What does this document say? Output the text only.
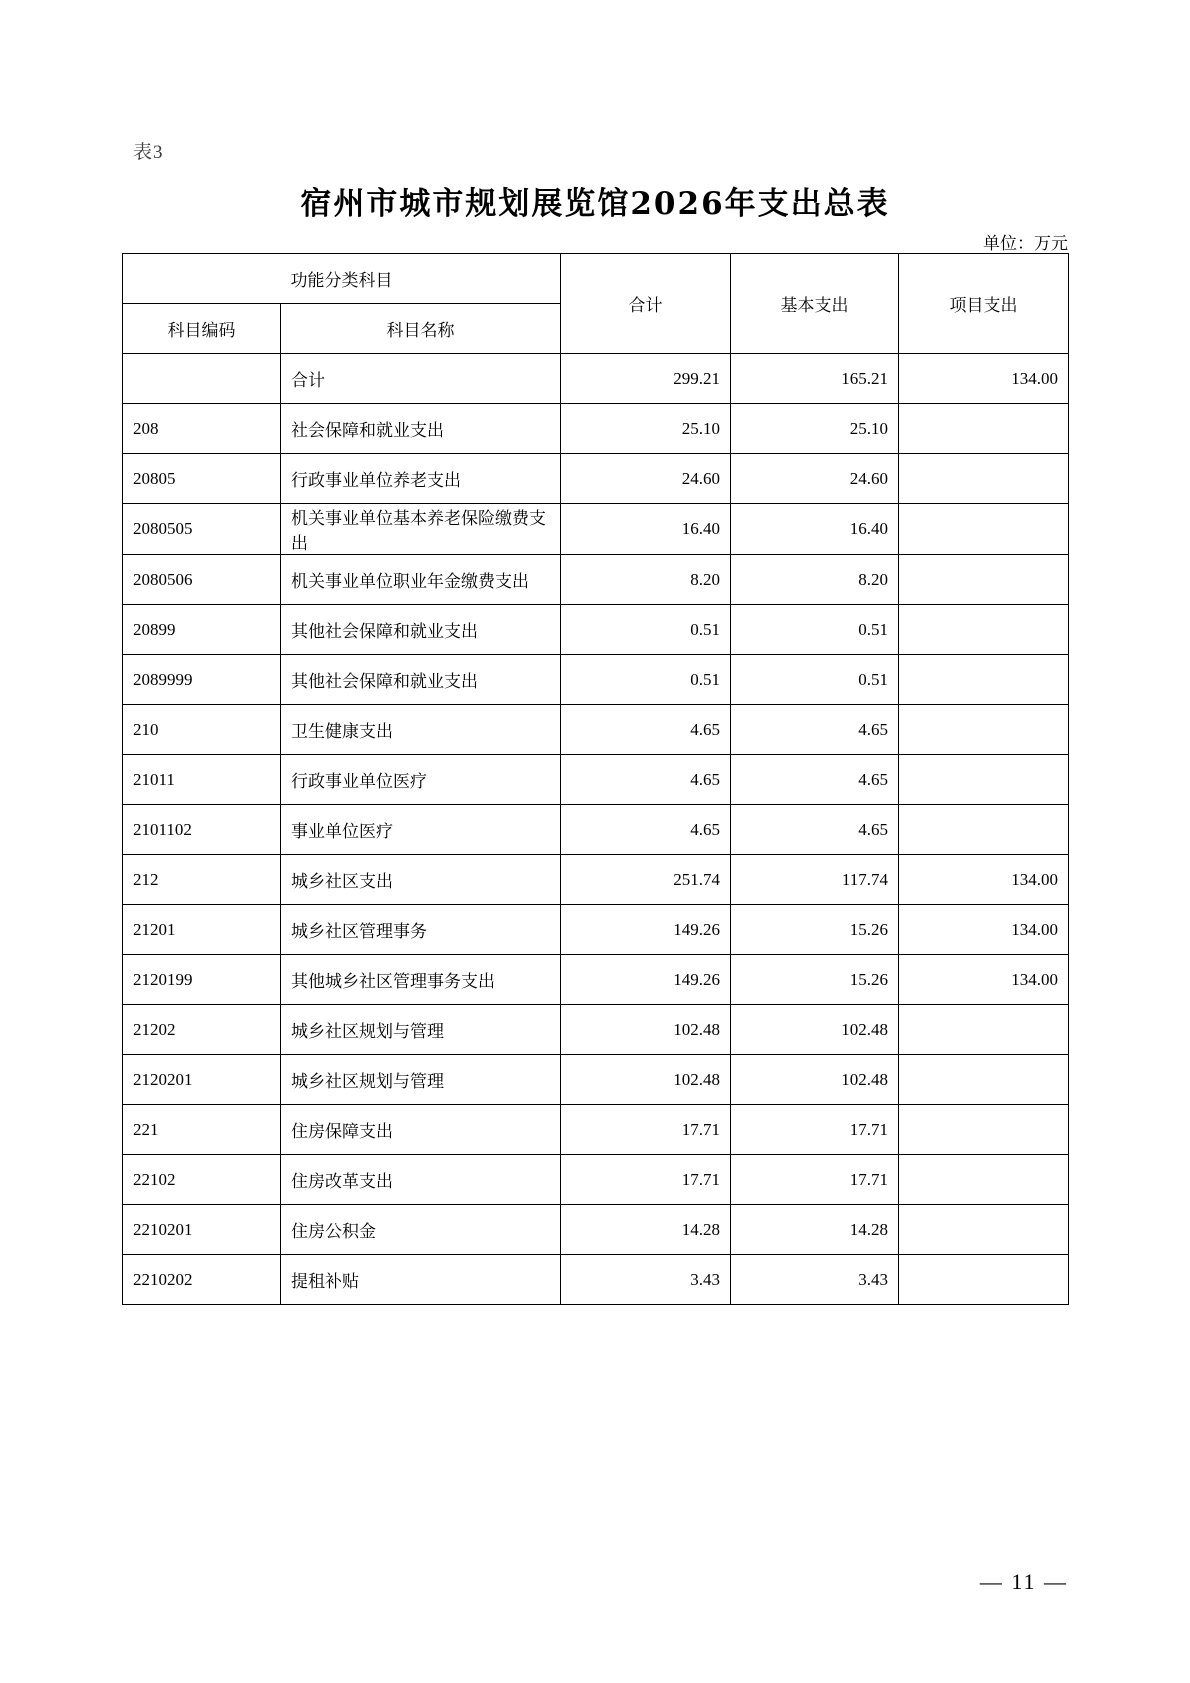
表3
宿州市城市规划展览馆2026年支出总表
单位：万元
功能分类科目		合计	基本支出	项目支出
科目编码	科目名称			
	合计	299.21	165.21	134.00
208	社会保障和就业支出	25.10	25.10	
20805	行政事业单位养老支出	24.60	24.60	
2080505	机关事业单位基本养老保险缴费支出	16.40	16.40	
2080506	机关事业单位职业年金缴费支出	8.20	8.20	
20899	其他社会保障和就业支出	0.51	0.51	
2089999	其他社会保障和就业支出	0.51	0.51	
210	卫生健康支出	4.65	4.65	
21011	行政事业单位医疗	4.65	4.65	
2101102	事业单位医疗	4.65	4.65	
212	城乡社区支出	251.74	117.74	134.00
21201	城乡社区管理事务	149.26	15.26	134.00
2120199	其他城乡社区管理事务支出	149.26	15.26	134.00
21202	城乡社区规划与管理	102.48	102.48	
2120201	城乡社区规划与管理	102.48	102.48	
221	住房保障支出	17.71	17.71	
22102	住房改革支出	17.71	17.71	
2210201	住房公积金	14.28	14.28	
2210202	提租补贴	3.43	3.43	
— 11 —
